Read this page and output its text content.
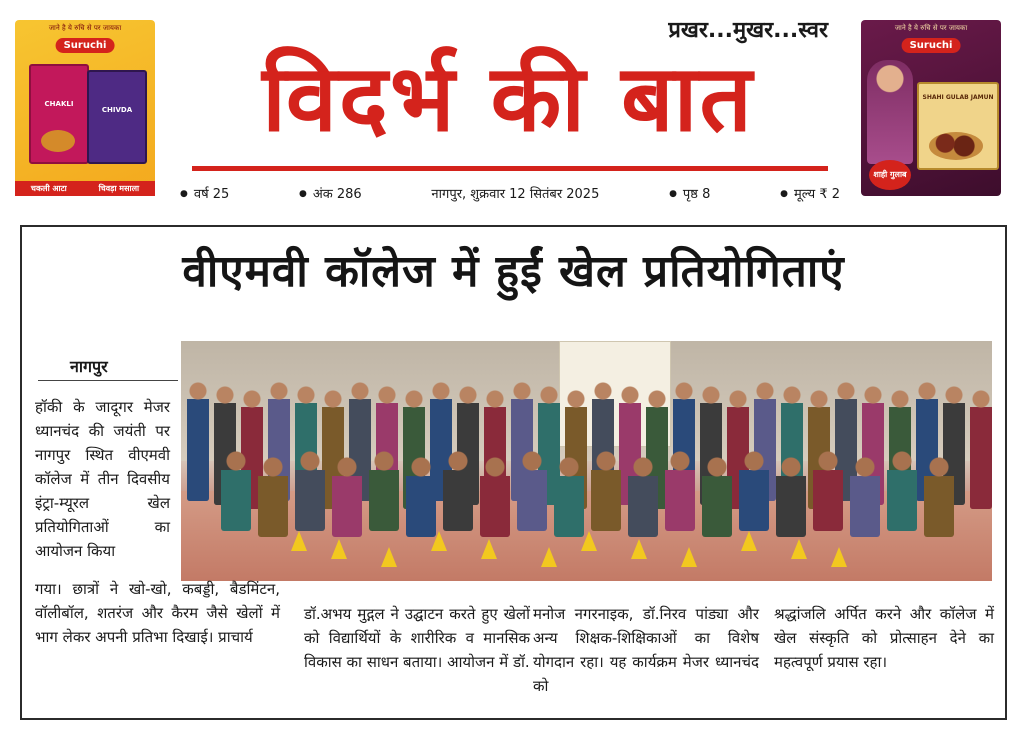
जाने है ये रुचि से पर जायका
Suruchi
CHAKLI
CHIVDA
चकली आटा	चिवड़ा मसाला
प्रखर...मुखर...स्वर
विदर्भ की बात
जाने है ये रुचि से पर जायका
Suruchi
SHAHI GULAB JAMUN
शाही गुलाब जामुन
● वर्ष 25	● अंक 286	नागपुर, शुक्रवार 12 सितंबर 2025	● पृष्ठ 8	● मूल्य ₹ 2
वीएमवी कॉलेज में हुईं खेल प्रतियोगिताएं
नागपुर
हॉकी के जादूगर मेजर ध्यानचंद की जयंती पर नागपुर स्थित वीएमवी कॉलेज में तीन दिवसीय इंट्रा-म्यूरल खेल प्रतियोगिताओं का आयोजन किया
गया। छात्रों ने खो-खो, कबड्डी, बैडमिंटन, वॉलीबॉल, शतरंज और कैरम जैसे खेलों में भाग लेकर अपनी प्रतिभा दिखाई। प्राचार्य
डॉ.अभय मुद्गल ने उद्घाटन करते हुए खेलों को विद्यार्थियों के शारीरिक व मानसिक विकास का साधन बताया। आयोजन में डॉ.
मनोज नगरनाइक, डॉ.निरव पांड्या और अन्य शिक्षक-शिक्षिकाओं का विशेष योगदान रहा। यह कार्यक्रम मेजर ध्यानचंद को
श्रद्धांजलि अर्पित करने और कॉलेज में खेल संस्कृति को प्रोत्साहन देने का महत्वपूर्ण प्रयास रहा।
